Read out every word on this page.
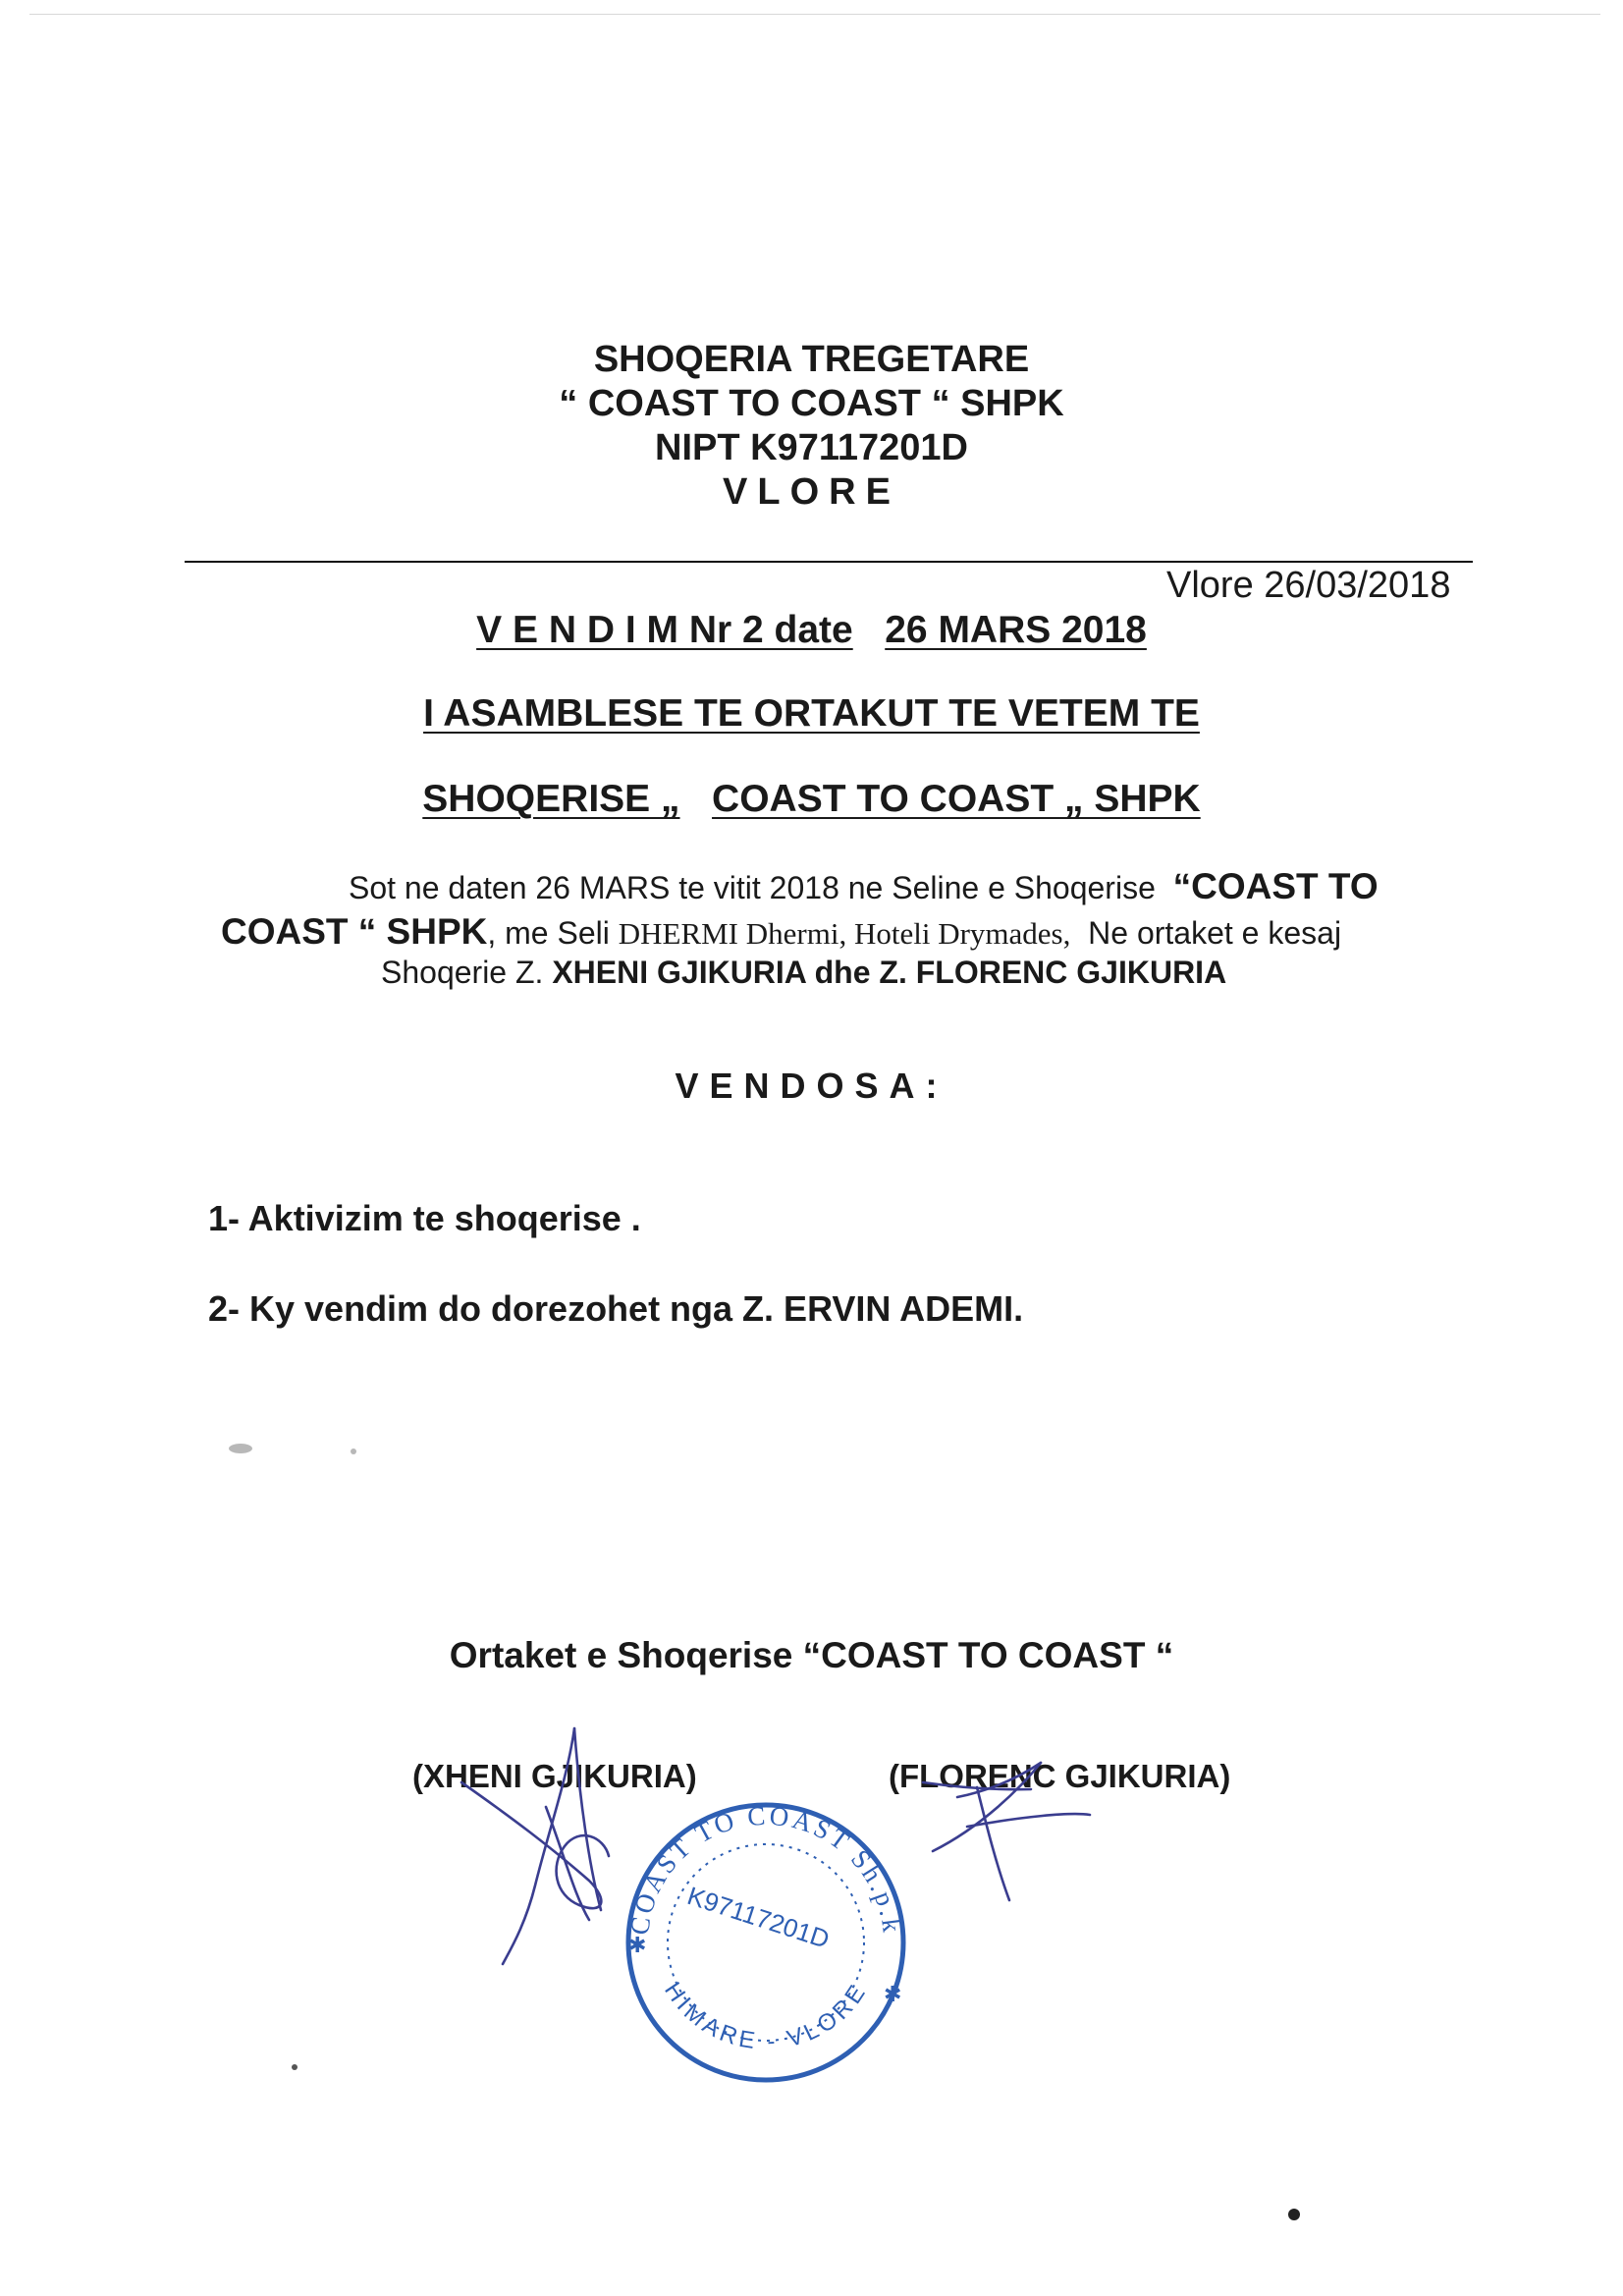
SHOQERIA TREGETARE
“ COAST TO COAST “ SHPK
NIPT K97117201D
VLORE
Vlore 26/03/2018
V E N D I M Nr 2 date 26 MARS 2018
I ASAMBLESE TE ORTAKUT TE VETEM TE
SHOQERISE „ COAST TO COAST „ SHPK
Sot ne daten 26 MARS te vitit 2018 ne Seline e Shoqerise “COAST TO
COAST “ SHPK, me Seli DHERMI Dhermi, Hoteli Drymades, Ne ortaket e kesaj
Shoqerie Z. XHENI GJIKURIA dhe Z. FLORENC GJIKURIA
VENDOSA:
1- Aktivizim te shoqerise .
2- Ky vendim do dorezohet nga Z. ERVIN ADEMI.
Ortaket e Shoqerise “COAST TO COAST “
(XHENI GJIKURIA)	(FLORENC GJIKURIA)
COAST TO COAST Sh.p.k
HIMARE - VLORE
K97117201D
✱
✱
